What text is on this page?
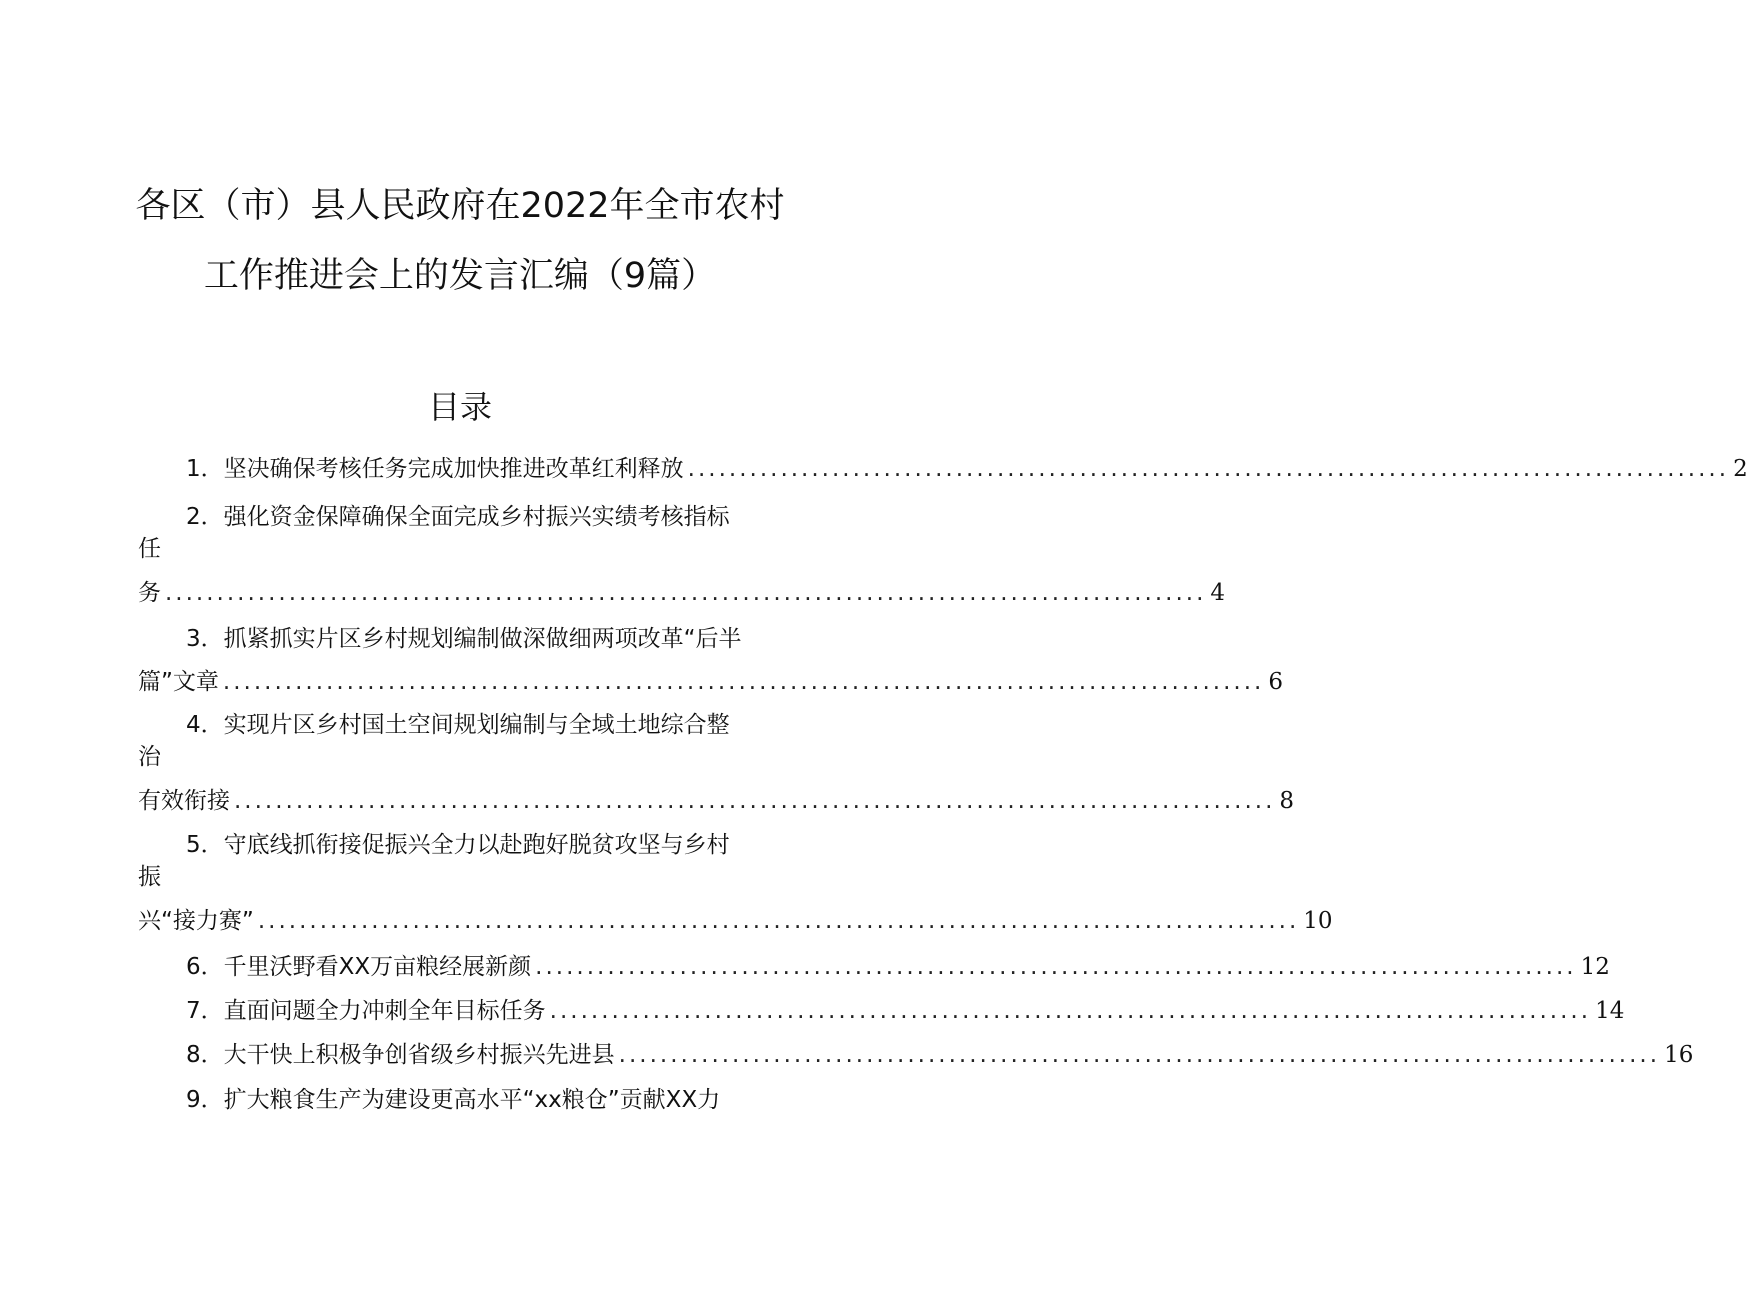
各区（市）县人民政府在2022年全市农村
工作推进会上的发言汇编（9篇）
目录
1．坚决确保考核任务完成加快推进改革红利释放 ..................................................................................................... 2
2．强化资金保障确保全面完成乡村振兴实绩考核指标
任
务 ..................................................................................................... 4
3．抓紧抓实片区乡村规划编制做深做细两项改革“后半
篇”文章 ..................................................................................................... 6
4．实现片区乡村国土空间规划编制与全域土地综合整
治
有效衔接 ..................................................................................................... 8
5．守底线抓衔接促振兴全力以赴跑好脱贫攻坚与乡村
振
兴“接力赛” ..................................................................................................... 10
6．千里沃野看XX万亩粮经展新颜 ..................................................................................................... 12
7．直面问题全力冲刺全年目标任务 ..................................................................................................... 14
8．大干快上积极争创省级乡村振兴先进县 ..................................................................................................... 16
9．扩大粮食生产为建设更高水平“xx粮仓”贡献XX力
